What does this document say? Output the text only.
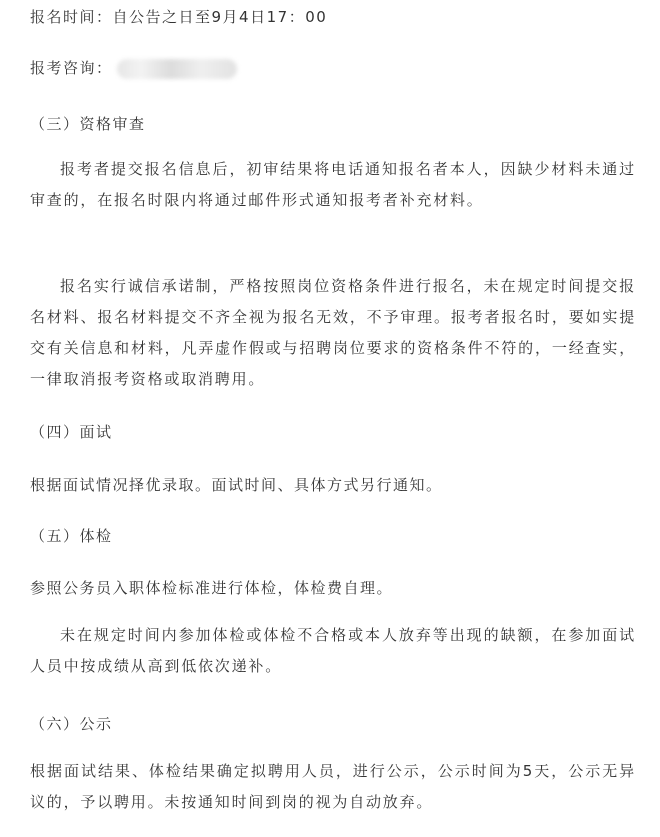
报名时间：自公告之日至9月4日17：00
报考咨询：
（三）资格审查
报考者提交报名信息后，初审结果将电话通知报名者本人，因缺少材料未通过审查的，在报名时限内将通过邮件形式通知报考者补充材料。
报名实行诚信承诺制，严格按照岗位资格条件进行报名，未在规定时间提交报名材料、报名材料提交不齐全视为报名无效，不予审理。报考者报名时，要如实提交有关信息和材料，凡弄虚作假或与招聘岗位要求的资格条件不符的，一经查实，一律取消报考资格或取消聘用。
（四）面试
根据面试情况择优录取。面试时间、具体方式另行通知。
（五）体检
参照公务员入职体检标准进行体检，体检费自理。
未在规定时间内参加体检或体检不合格或本人放弃等出现的缺额，在参加面试人员中按成绩从高到低依次递补。
（六）公示
根据面试结果、体检结果确定拟聘用人员，进行公示，公示时间为5天，公示无异议的，予以聘用。未按通知时间到岗的视为自动放弃。
